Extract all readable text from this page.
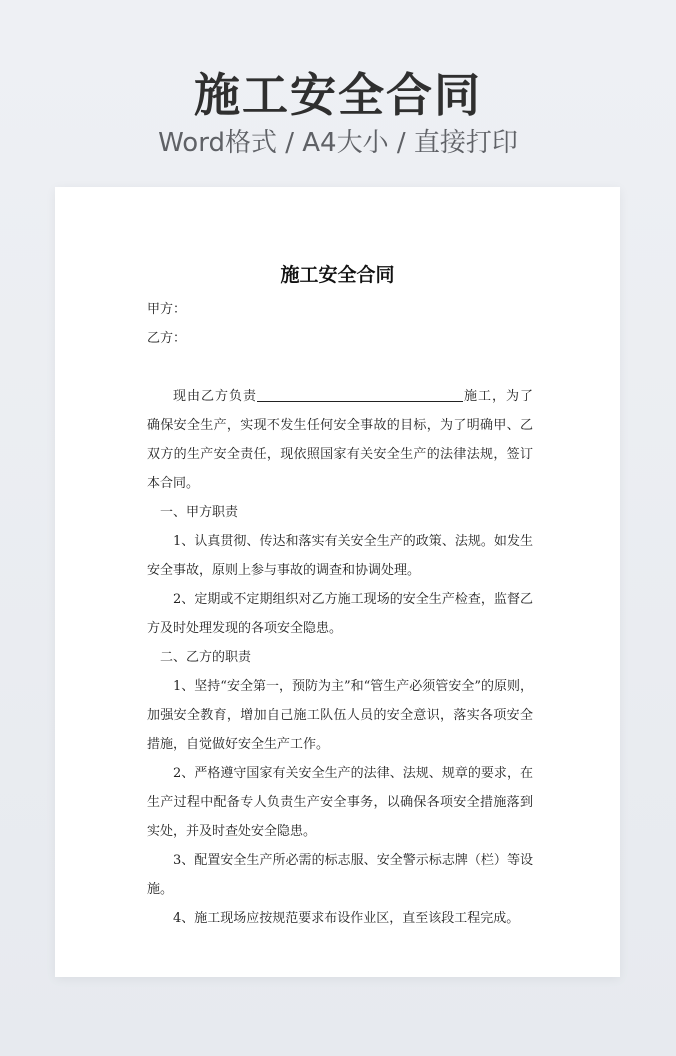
施工安全合同
Word格式 / A4大小 / 直接打印
施工安全合同

甲方：

乙方：

现由乙方负责	施工，为了确保安全生产，实现不发生任何安全事故的目标，为了明确甲、乙双方的生产安全责任，现依照国家有关安全生产的法律法规，签订本合同。

一、甲方职责

1、认真贯彻、传达和落实有关安全生产的政策、法规。如发生安全事故，原则上参与事故的调查和协调处理。

2、定期或不定期组织对乙方施工现场的安全生产检查，监督乙方及时处理发现的各项安全隐患。

二、乙方的职责

1、坚持“安全第一，预防为主”和“管生产必须管安全”的原则，加强安全教育，增加自己施工队伍人员的安全意识，落实各项安全措施，自觉做好安全生产工作。

2、严格遵守国家有关安全生产的法律、法规、规章的要求，在生产过程中配备专人负责生产安全事务，以确保各项安全措施落到实处，并及时查处安全隐患。

3、配置安全生产所必需的标志服、安全警示标志牌（栏）等设施。

4、施工现场应按规范要求布设作业区，直至该段工程完成。
